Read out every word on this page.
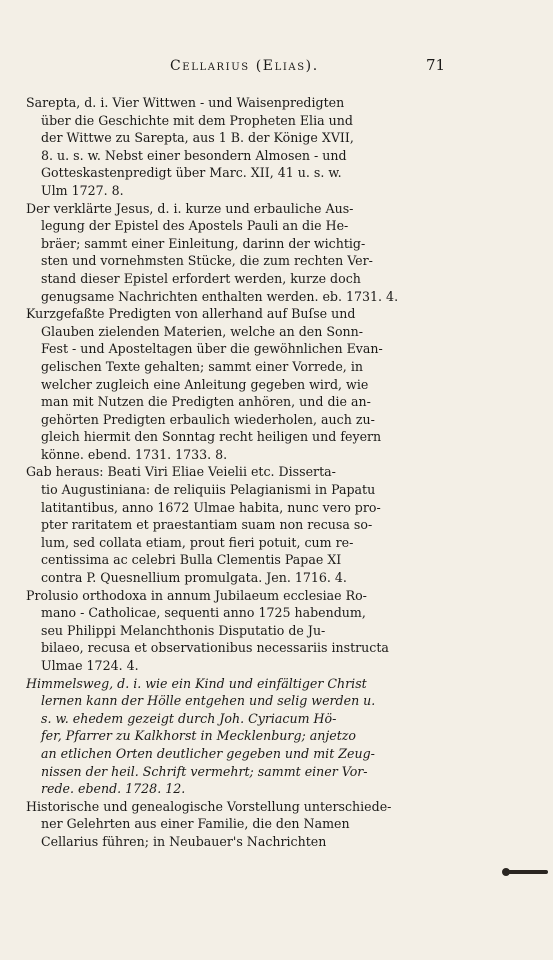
Cellarius (Elias).	71
Sarepta, d. i. Vier Wittwen - und Waisenpredigten
über die Geschichte mit dem Propheten Elia und
der Wittwe zu Sarepta, aus 1 B. der Könige XVII,
8. u. s. w. Nebst einer besondern Almosen - und
Gotteskastenpredigt über Marc. XII, 41 u. s. w.
Ulm 1727. 8.
Der verklärte Jesus, d. i. kurze und erbauliche Aus-
legung der Epistel des Apostels Pauli an die He-
bräer; sammt einer Einleitung, darinn der wichtig-
sten und vornehmsten Stücke, die zum rechten Ver-
stand dieser Epistel erfordert werden, kurze doch
genugsame Nachrichten enthalten werden. eb. 1731. 4.
Kurzgefaßte Predigten von allerhand auf Buſse und
Glauben zielenden Materien, welche an den Sonn-
Fest - und Aposteltagen über die gewöhnlichen Evan-
gelischen Texte gehalten; sammt einer Vorrede, in
welcher zugleich eine Anleitung gegeben wird, wie
man mit Nutzen die Predigten anhören, und die an-
gehörten Predigten erbaulich wiederholen, auch zu-
gleich hiermit den Sonntag recht heiligen und feyern
könne. ebend. 1731. 1733. 8.
Gab heraus: Beati Viri Eliae Veielii etc. Disserta-
tio Augustiniana: de reliquiis Pelagianismi in Papatu
latitantibus, anno 1672 Ulmae habita, nunc vero pro-
pter raritatem et praestantiam suam non recusa so-
lum, sed collata etiam, prout fieri potuit, cum re-
centissima ac celebri Bulla Clementis Papae XI
contra P. Quesnellium promulgata. Jen. 1716. 4.
Prolusio orthodoxa in annum Jubilaeum ecclesiae Ro-
mano - Catholicae, sequenti anno 1725 habendum,
seu Philippi Melanchthonis Disputatio de Ju-
bilaeo, recusa et observationibus necessariis instructa
Ulmae 1724. 4.
Himmelsweg, d. i. wie ein Kind und einfältiger Christ
lernen kann der Hölle entgehen und selig werden u.
s. w. ehedem gezeigt durch Joh. Cyriacum Hö-
fer, Pfarrer zu Kalkhorst in Mecklenburg; anjetzo
an etlichen Orten deutlicher gegeben und mit Zeug-
nissen der heil. Schrift vermehrt; sammt einer Vor-
rede. ebend. 1728. 12.
Historische und genealogische Vorstellung unterschiede-
ner Gelehrten aus einer Familie, die den Namen
Cellarius führen; in Neubauer's Nachrichten
